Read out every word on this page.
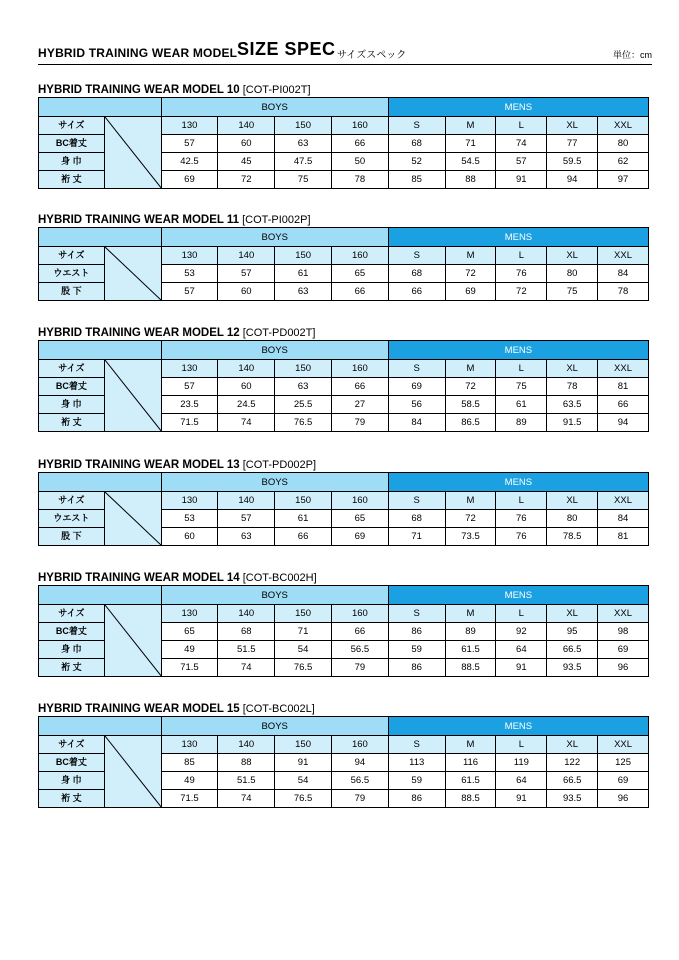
HYBRID TRAINING WEAR MODEL SIZE SPEC サイズスペック	単位：cm
HYBRID TRAINING WEAR MODEL 10 [COT-PI002T]
		BOYS				MENS				
サイズ		130	140	150	160	S	M	L	XL	XXL
BC着丈		57	60	63	66	68	71	74	77	80
身 巾		42.5	45	47.5	50	52	54.5	57	59.5	62
裄 丈		69	72	75	78	85	88	91	94	97
HYBRID TRAINING WEAR MODEL 11 [COT-PI002P]
		BOYS				MENS				
サイズ		130	140	150	160	S	M	L	XL	XXL
ウエスト		53	57	61	65	68	72	76	80	84
股 下		57	60	63	66	66	69	72	75	78
HYBRID TRAINING WEAR MODEL 12 [COT-PD002T]
		BOYS				MENS				
サイズ		130	140	150	160	S	M	L	XL	XXL
BC着丈		57	60	63	66	69	72	75	78	81
身 巾		23.5	24.5	25.5	27	56	58.5	61	63.5	66
裄 丈		71.5	74	76.5	79	84	86.5	89	91.5	94
HYBRID TRAINING WEAR MODEL 13 [COT-PD002P]
		BOYS				MENS				
サイズ		130	140	150	160	S	M	L	XL	XXL
ウエスト		53	57	61	65	68	72	76	80	84
股 下		60	63	66	69	71	73.5	76	78.5	81
HYBRID TRAINING WEAR MODEL 14 [COT-BC002H]
		BOYS				MENS				
サイズ		130	140	150	160	S	M	L	XL	XXL
BC着丈		65	68	71	66	86	89	92	95	98
身 巾		49	51.5	54	56.5	59	61.5	64	66.5	69
裄 丈		71.5	74	76.5	79	86	88.5	91	93.5	96
HYBRID TRAINING WEAR MODEL 15 [COT-BC002L]
		BOYS				MENS				
サイズ		130	140	150	160	S	M	L	XL	XXL
BC着丈		85	88	91	94	113	116	119	122	125
身 巾		49	51.5	54	56.5	59	61.5	64	66.5	69
裄 丈		71.5	74	76.5	79	86	88.5	91	93.5	96
